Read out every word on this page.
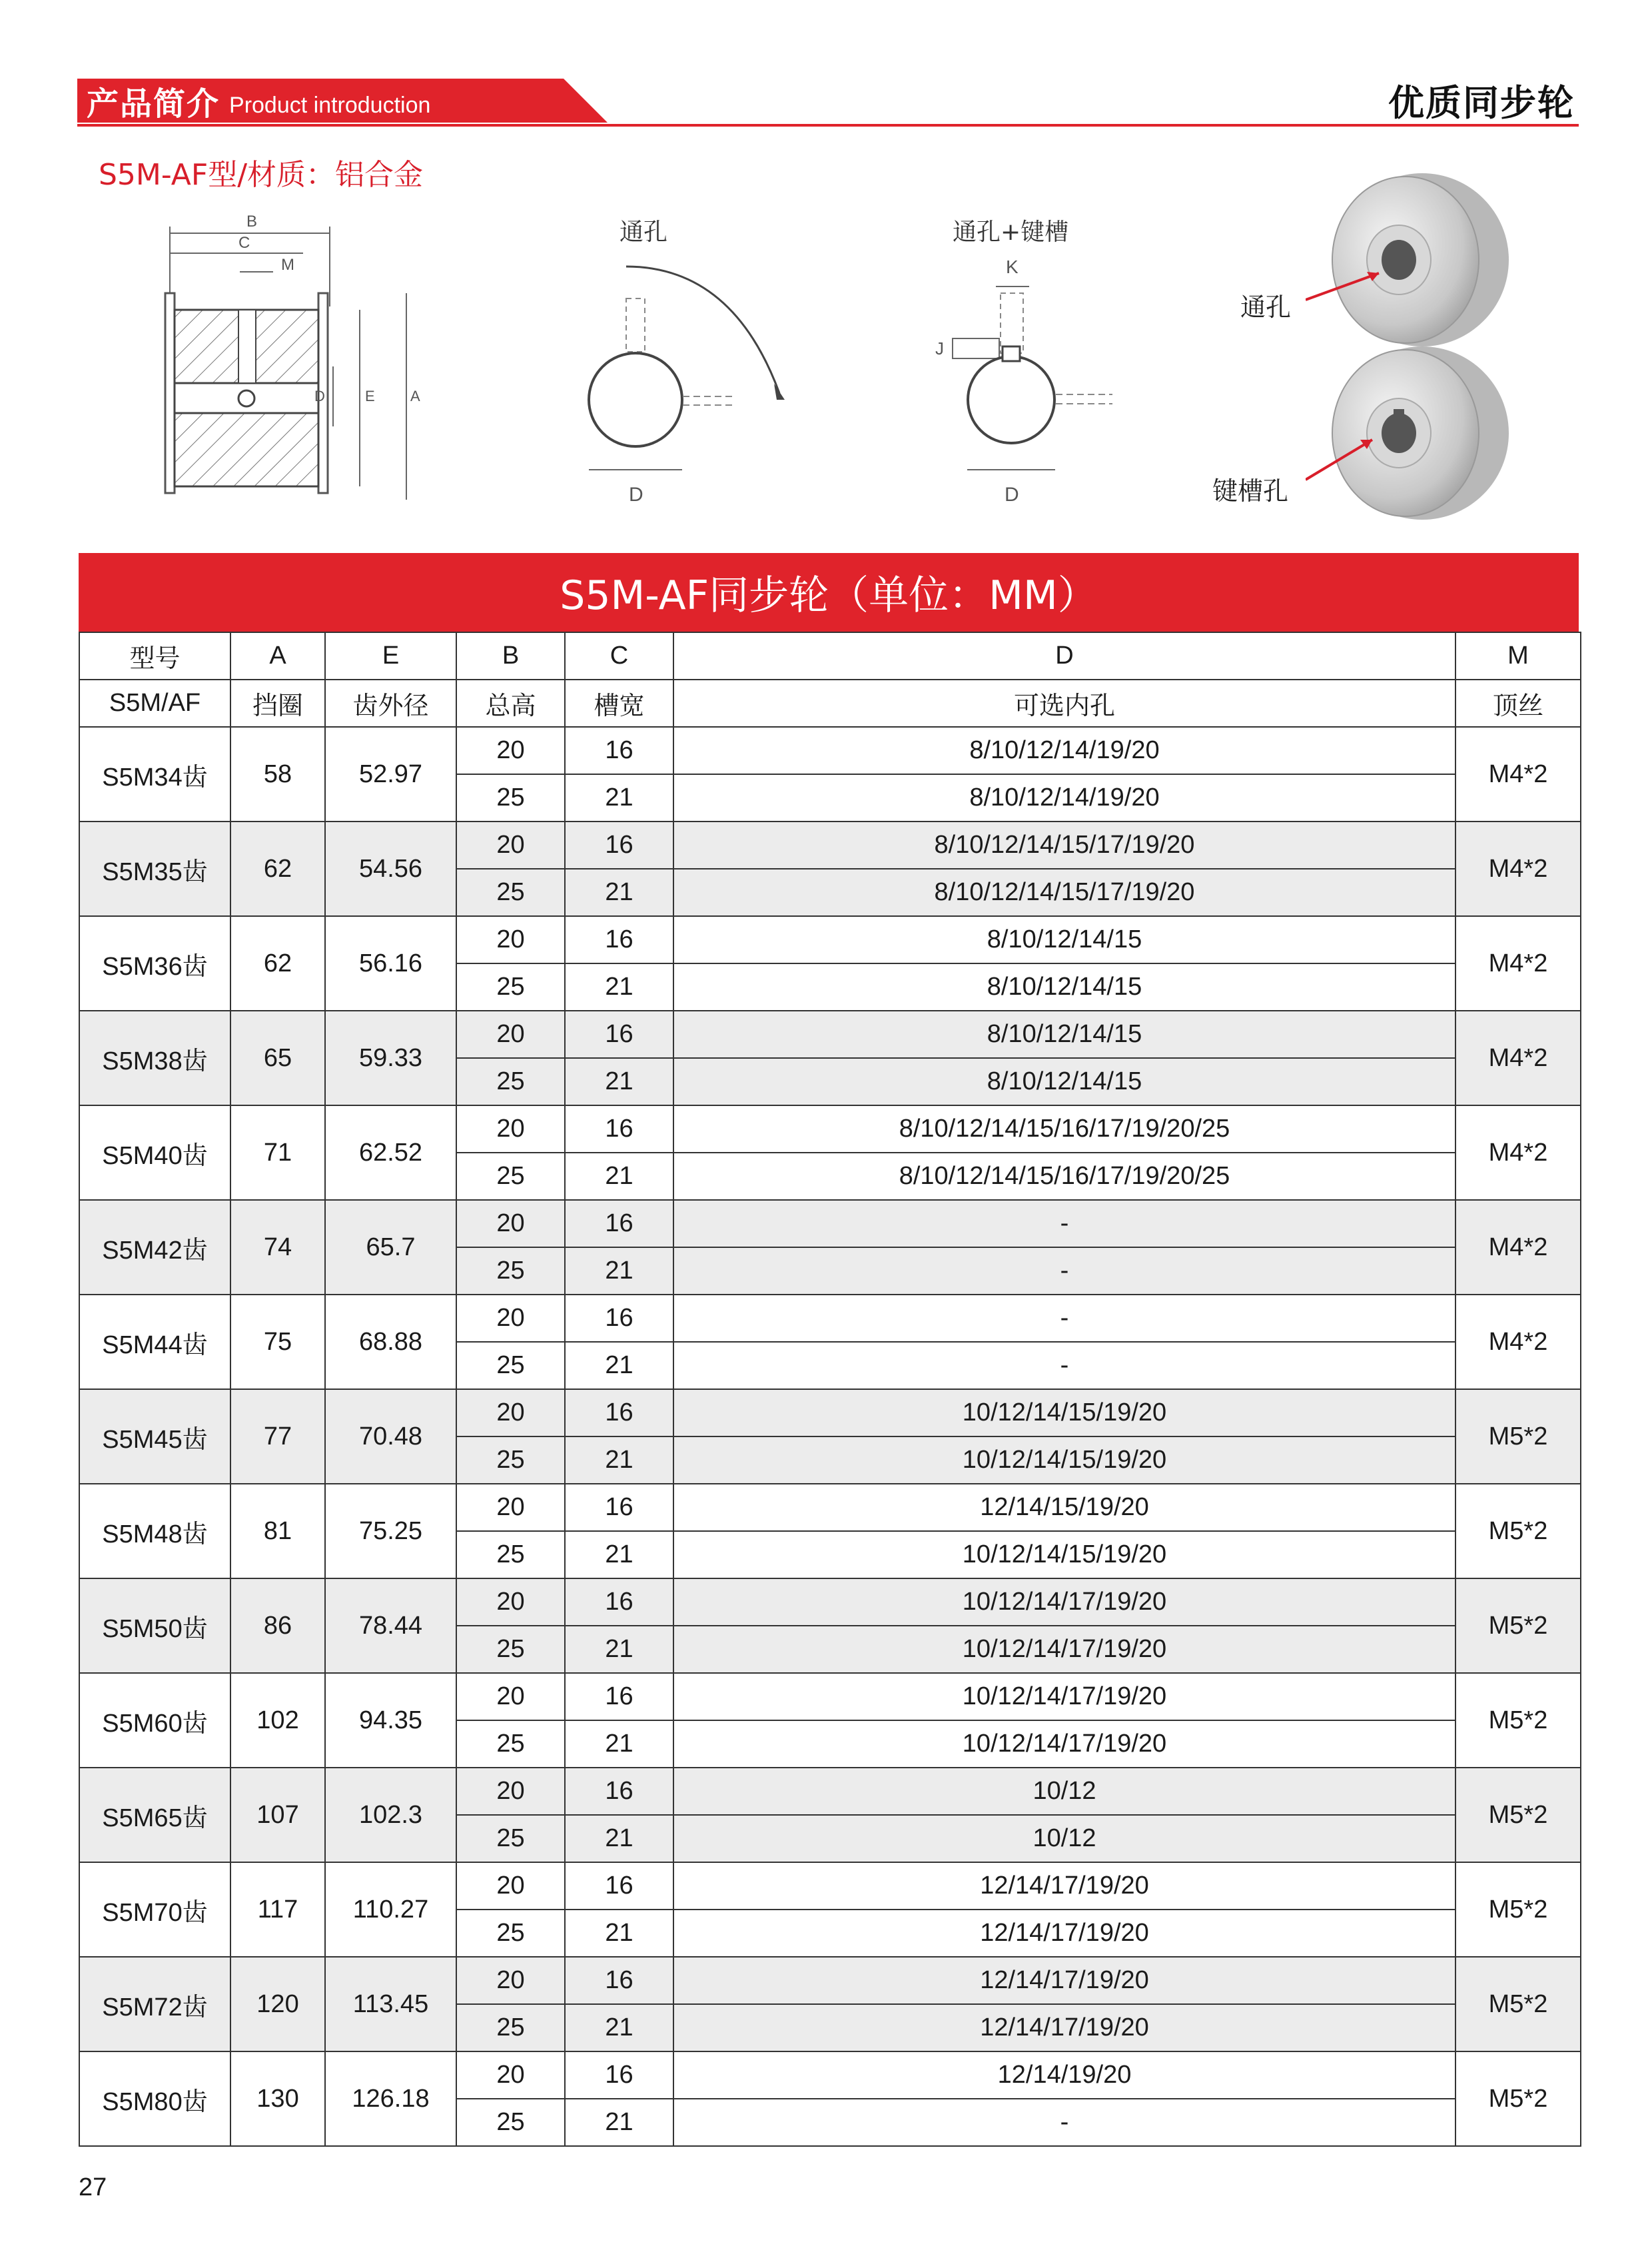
产品简介 Product introduction	优质同步轮
S5M-AF型/材质：铝合金
B
C
M
D	E A
通孔
D
通孔+键槽
K
J
D
通孔
键槽孔
S5M-AF同步轮（单位：MM）
型号	A	E	B	C	D	M
S5M/AF	挡圈	齿外径	总高	槽宽	可选内孔	顶丝
S5M34齿	58	52.97	20	16	8/10/12/14/19/20	M4*2
			25	21	8/10/12/14/19/20	
S5M35齿	62	54.56	20	16	8/10/12/14/15/17/19/20	M4*2
			25	21	8/10/12/14/15/17/19/20	
S5M36齿	62	56.16	20	16	8/10/12/14/15	M4*2
			25	21	8/10/12/14/15	
S5M38齿	65	59.33	20	16	8/10/12/14/15	M4*2
			25	21	8/10/12/14/15	
S5M40齿	71	62.52	20	16	8/10/12/14/15/16/17/19/20/25	M4*2
			25	21	8/10/12/14/15/16/17/19/20/25	
S5M42齿	74	65.7	20	16	-	M4*2
			25	21	-	
S5M44齿	75	68.88	20	16	-	M4*2
			25	21	-	
S5M45齿	77	70.48	20	16	10/12/14/15/19/20	M5*2
			25	21	10/12/14/15/19/20	
S5M48齿	81	75.25	20	16	12/14/15/19/20	M5*2
			25	21	10/12/14/15/19/20	
S5M50齿	86	78.44	20	16	10/12/14/17/19/20	M5*2
			25	21	10/12/14/17/19/20	
S5M60齿	102	94.35	20	16	10/12/14/17/19/20	M5*2
			25	21	10/12/14/17/19/20	
S5M65齿	107	102.3	20	16	10/12	M5*2
			25	21	10/12	
S5M70齿	117	110.27	20	16	12/14/17/19/20	M5*2
			25	21	12/14/17/19/20	
S5M72齿	120	113.45	20	16	12/14/17/19/20	M5*2
			25	21	12/14/17/19/20	
S5M80齿	130	126.18	20	16	12/14/19/20	M5*2
			25	21	-	
27
